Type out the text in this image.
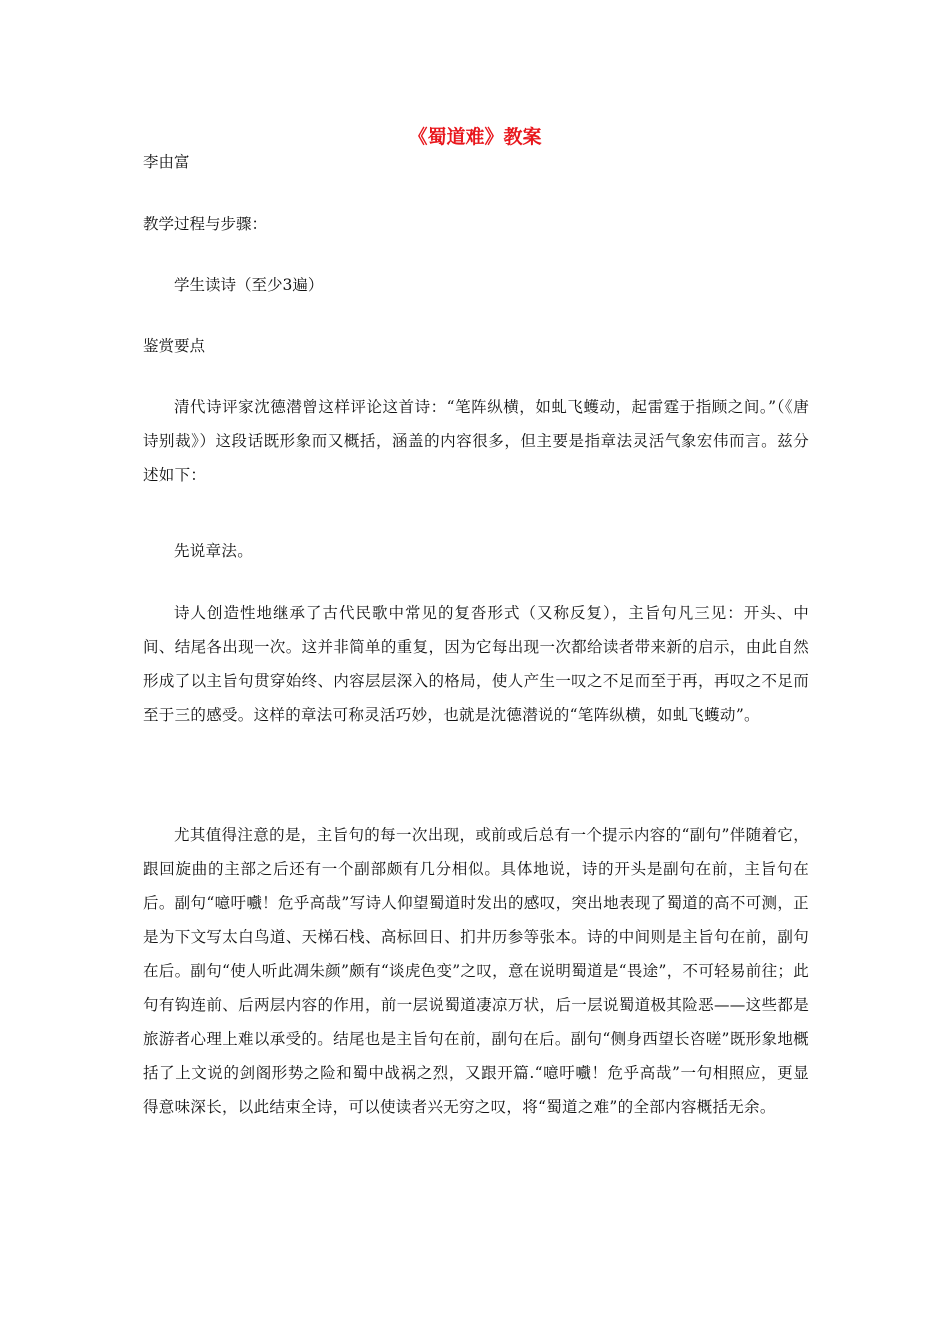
《蜀道难》教案

李由富

教学过程与步骤：

学生读诗（至少3遍）

鉴赏要点

清代诗评家沈德潜曾这样评论这首诗：“笔阵纵横，如虬飞蠖动，起雷霆于指顾之间。”（《唐诗别裁》）这段话既形象而又概括，涵盖的内容很多，但主要是指章法灵活气象宏伟而言。兹分述如下：

先说章法。

诗人创造性地继承了古代民歌中常见的复沓形式（又称反复），主旨句凡三见：开头、中间、结尾各出现一次。这并非简单的重复，因为它每出现一次都给读者带来新的启示，由此自然形成了以主旨句贯穿始终、内容层层深入的格局，使人产生一叹之不足而至于再，再叹之不足而至于三的感受。这样的章法可称灵活巧妙，也就是沈德潜说的“笔阵纵横，如虬飞蠖动”。

尤其值得注意的是，主旨句的每一次出现，或前或后总有一个提示内容的“副句”伴随着它，跟回旋曲的主部之后还有一个副部颇有几分相似。具体地说，诗的开头是副句在前，主旨句在后。副句“噫吁嚱！危乎高哉”写诗人仰望蜀道时发出的感叹，突出地表现了蜀道的高不可测，正是为下文写太白鸟道、天梯石栈、高标回日、扪井历参等张本。诗的中间则是主旨句在前，副句在后。副句“使人听此凋朱颜”颇有“谈虎色变”之叹，意在说明蜀道是“畏途”，不可轻易前往；此句有钩连前、后两层内容的作用，前一层说蜀道凄凉万状，后一层说蜀道极其险恶——这些都是旅游者心理上难以承受的。结尾也是主旨句在前，副句在后。副句“侧身西望长咨嗟”既形象地概括了上文说的剑阁形势之险和蜀中战祸之烈，又跟开篇.“噫吁嚱！危乎高哉”一句相照应，更显得意味深长，以此结束全诗，可以使读者兴无穷之叹，将“蜀道之难”的全部内容概括无余。
